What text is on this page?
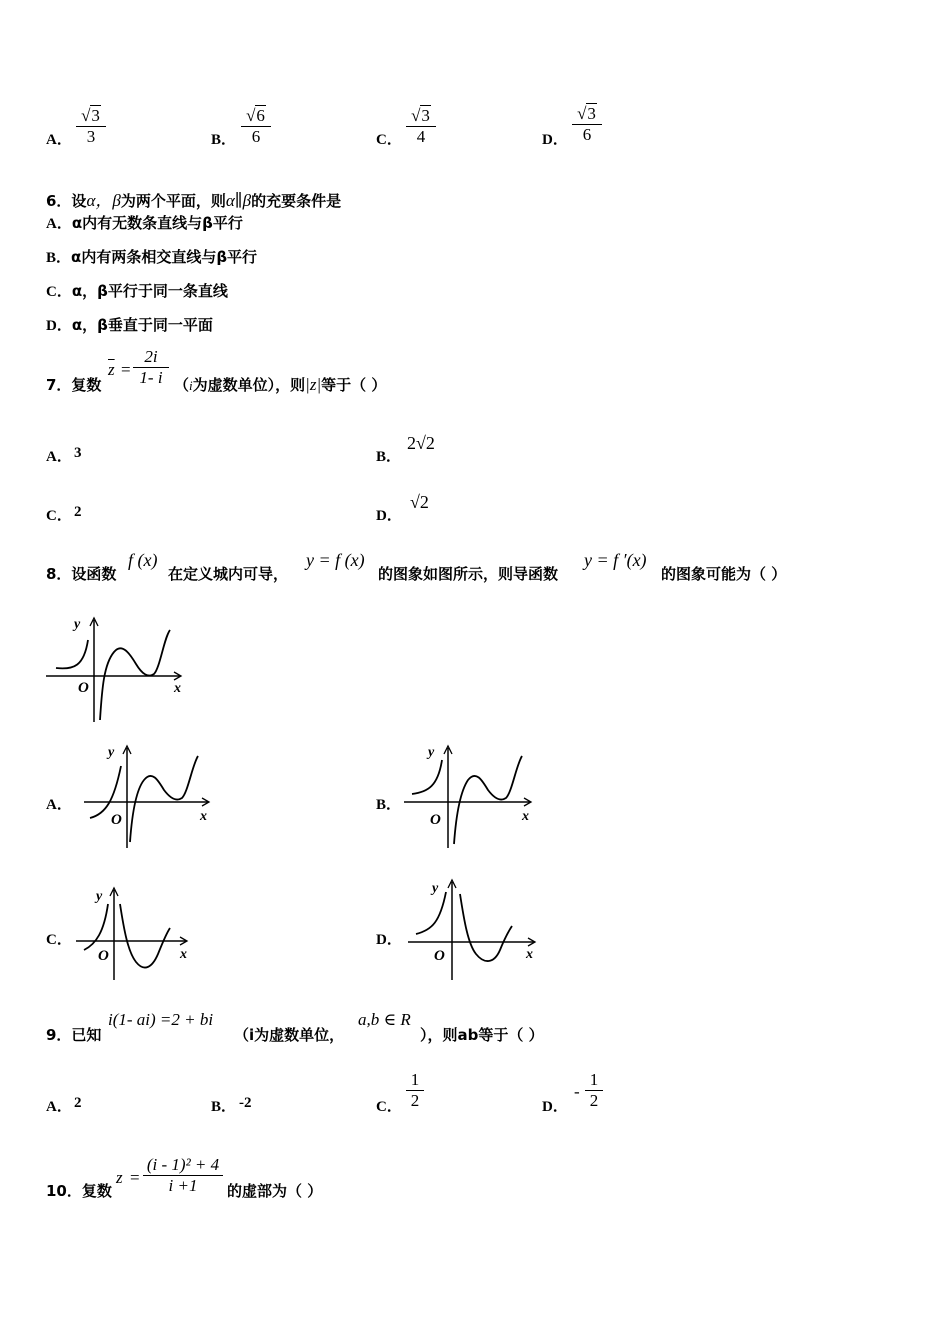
A．
√3
3	B．
√6
6	C．
√3
4	D．
√3
6
6．设α，β为两个平面，则α∥β的充要条件是
A．α内有无数条直线与β平行
B．α内有两条相交直线与β平行
C．α，β平行于同一条直线
D．α，β垂直于同一平面
7．复数
$\overline{z}$ =
2i
1- i （i为虚数单位），则|z|等于（ ）
A． 3	B．
2√2
C． 2	D．
√2
8．设函数
f (x)
在定义城内可导，
y = f (x)
的图象如图所示，则导函数
y = f ′(x)
的图象可能为（ ）
y
x
O
A．
y
x
O
B．
y
x
O
C．
y
x
O
D．
y
x
O
9．已知
i(1- ai) =2 + bi
（i为虚数单位，
a,b ∈ R
），则ab等于（ ）
A． 2	B． -2	C．
1
2	D．
-
1
2
10．复数
z =
(i - 1)² + 4
i +1	的虚部为（ ）
